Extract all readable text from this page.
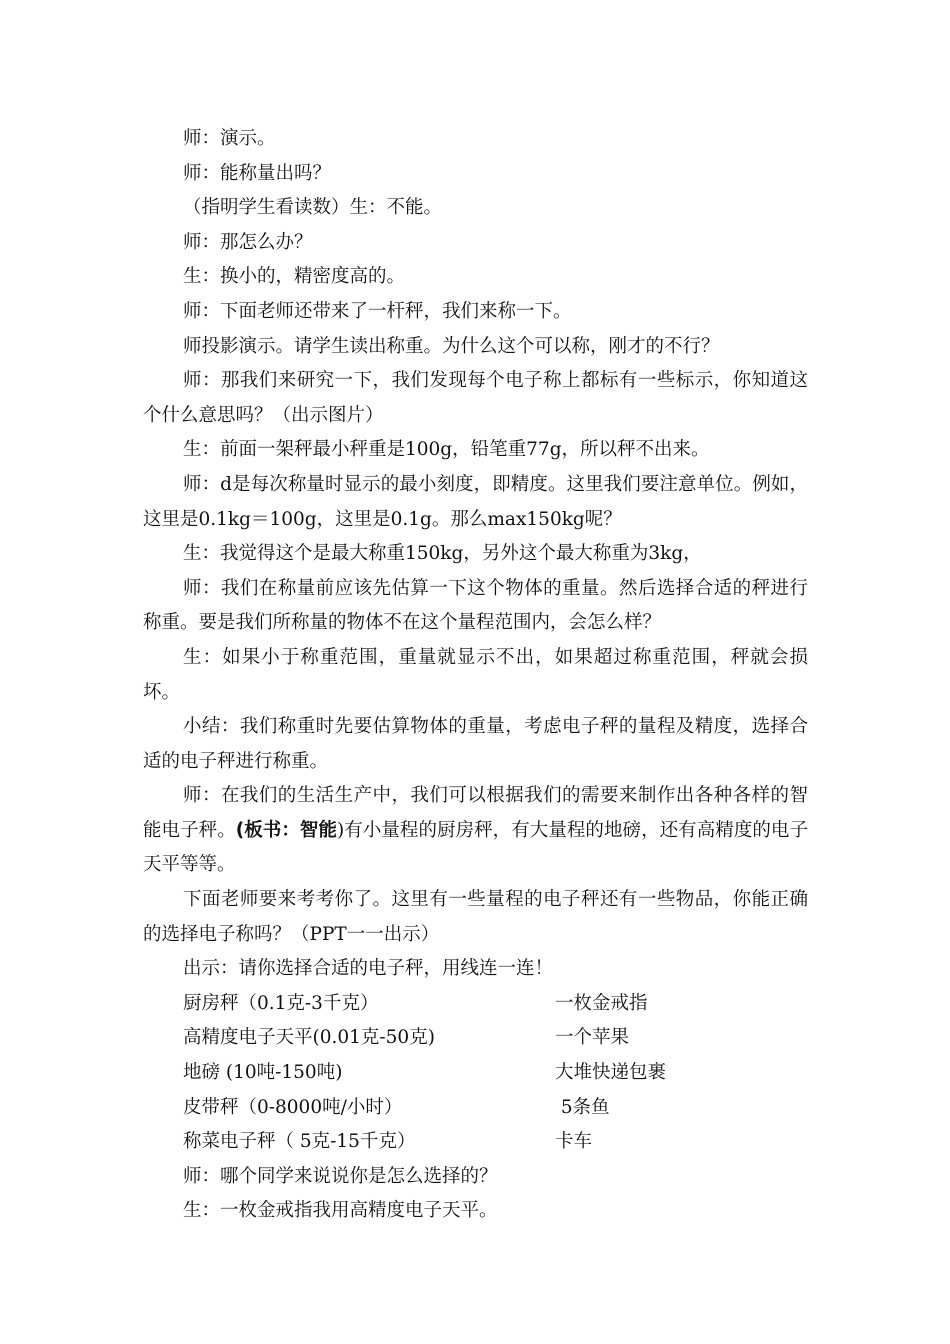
师：演示。

师：能称量出吗？

（指明学生看读数）生：不能。

师：那怎么办？

生：换小的，精密度高的。

师：下面老师还带来了一杆秤，我们来称一下。

师投影演示。请学生读出称重。为什么这个可以称，刚才的不行？

师：那我们来研究一下，我们发现每个电子称上都标有一些标示，你知道这个什么意思吗？（出示图片）

生：前面一架秤最小秤重是100g，铅笔重77g，所以秤不出来。

师：d是每次称量时显示的最小刻度，即精度。这里我们要注意单位。例如，这里是0.1kg＝100g，这里是0.1g。那么max150kg呢？

生：我觉得这个是最大称重150kg，另外这个最大称重为3kg，

师：我们在称量前应该先估算一下这个物体的重量。然后选择合适的秤进行称重。要是我们所称量的物体不在这个量程范围内，会怎么样？

生：如果小于称重范围，重量就显示不出，如果超过称重范围，秤就会损坏。

小结：我们称重时先要估算物体的重量，考虑电子秤的量程及精度，选择合适的电子秤进行称重。

师：在我们的生活生产中，我们可以根据我们的需要来制作出各种各样的智能电子秤。(板书：智能)有小量程的厨房秤，有大量程的地磅，还有高精度的电子天平等等。

下面老师要来考考你了。这里有一些量程的电子秤还有一些物品，你能正确的选择电子称吗？（PPT一一出示）

出示：请你选择合适的电子秤，用线连一连！

厨房秤（0.1克-3千克）	一枚金戒指
高精度电子天平(0.01克-50克)	一个苹果
地磅 (10吨-150吨)	大堆快递包裹
皮带秤（0-8000吨/小时）	5条鱼
称菜电子秤（ 5克-15千克）	卡车

师：哪个同学来说说你是怎么选择的？

生：一枚金戒指我用高精度电子天平。
